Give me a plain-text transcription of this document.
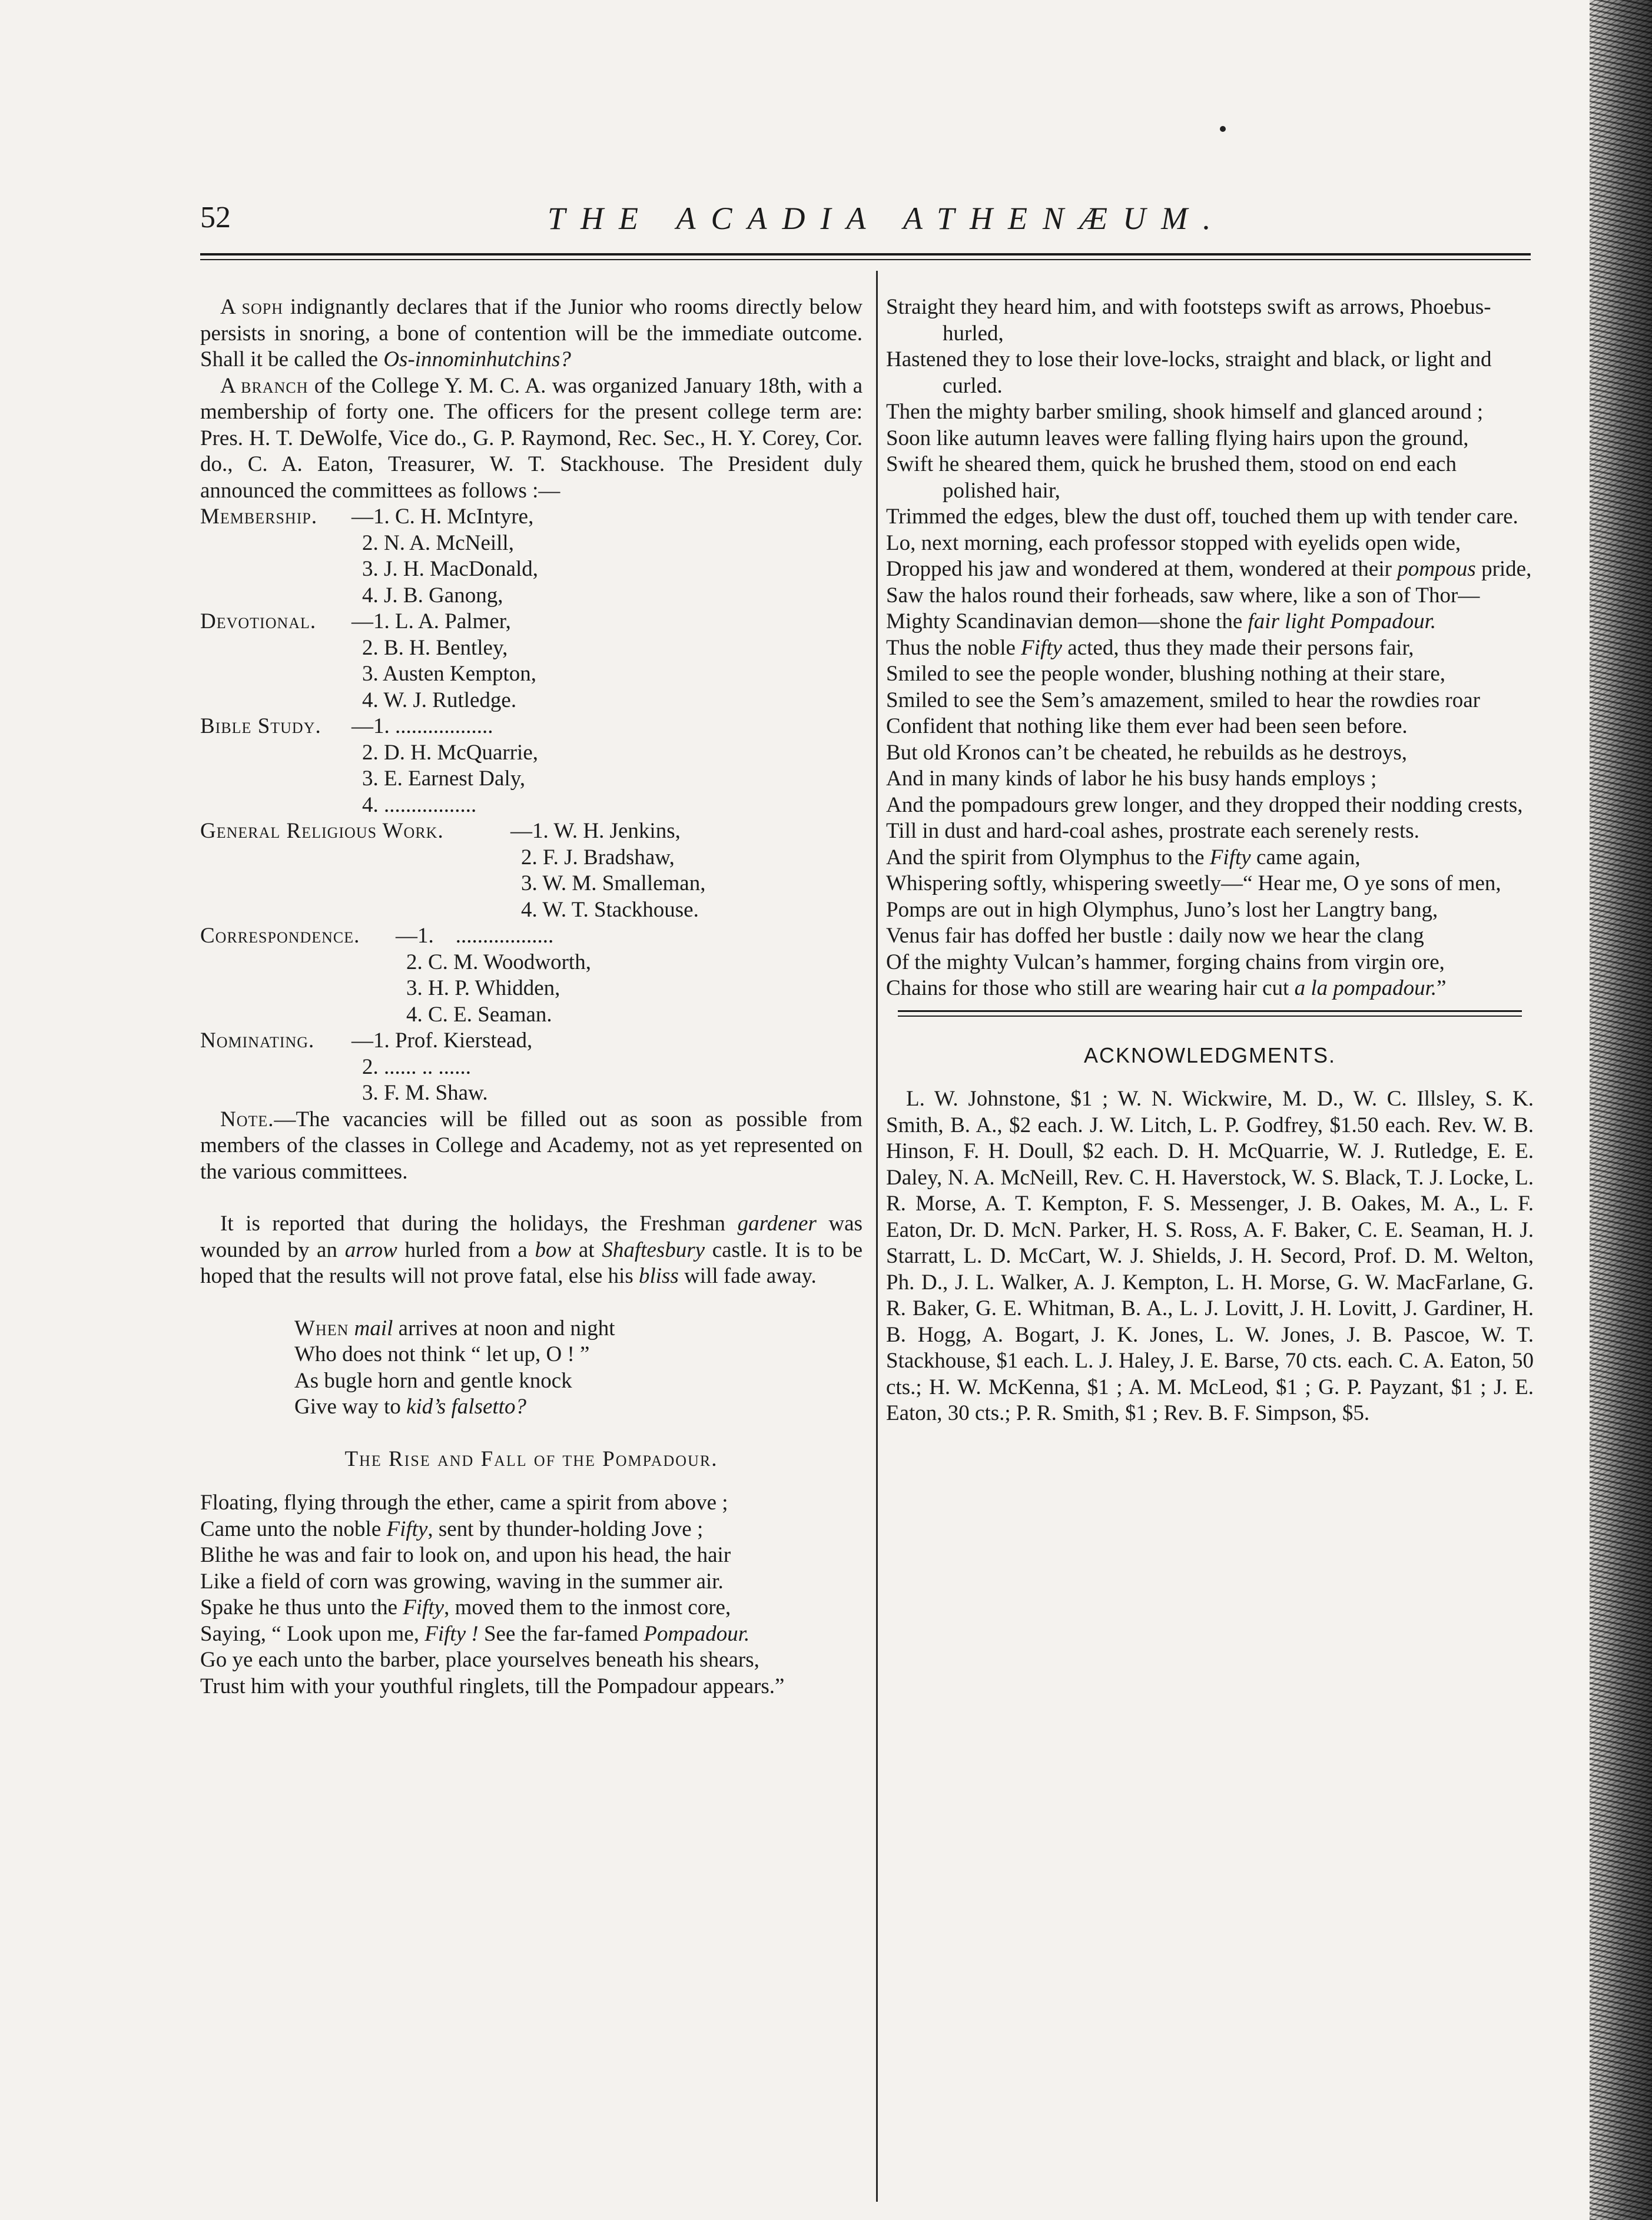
52	THE ACADIA ATHENÆUM.

A soph indignantly declares that if the Junior who rooms directly below persists in snoring, a bone of contention will be the immediate outcome. Shall it be called the Os-innominhutchins?

A branch of the College Y. M. C. A. was organized January 18th, with a membership of forty one. The officers for the present college term are: Pres. H. T. DeWolfe, Vice do., G. P. Raymond, Rec. Sec., H. Y. Corey, Cor. do., C. A. Eaton, Treasurer, W. T. Stackhouse. The President duly announced the committees as follows :—

Membership. —1. C. H. McIntyre,
2. N. A. McNeill,
3. J. H. MacDonald,
4. J. B. Ganong,
Devotional. —1. L. A. Palmer,
2. B. H. Bentley,
3. Austen Kempton,
4. W. J. Rutledge.
Bible Study. —1. ..................
2. D. H. McQuarrie,
3. E. Earnest Daly,
4. .................
General Religious Work.	—1. W. H. Jenkins,
2. F. J. Bradshaw,
3. W. M. Smalleman,
4. W. T. Stackhouse.
Correspondence. —1.    ..................
2. C. M. Woodworth,
3. H. P. Whidden,
4. C. E. Seaman.
Nominating. —1. Prof. Kierstead,
2. ...... .. ......
3. F. M. Shaw.

Note.—The vacancies will be filled out as soon as possible from members of the classes in College and Academy, not as yet represented on the various committees.

It is reported that during the holidays, the Freshman gardener was wounded by an arrow hurled from a bow at Shaftesbury castle. It is to be hoped that the results will not prove fatal, else his bliss will fade away.

When mail arrives at noon and night
Who does not think “ let up, O ! ”
As bugle horn and gentle knock
Give way to kid’s falsetto?

The Rise and Fall of the Pompadour.

Floating, flying through the ether, came a spirit from above ;
Came unto the noble Fifty, sent by thunder-holding Jove ;
Blithe he was and fair to look on, and upon his head, the hair
Like a field of corn was growing, waving in the summer air.
Spake he thus unto the Fifty, moved them to the inmost core,
Saying, “ Look upon me, Fifty ! See the far-famed Pompadour.
Go ye each unto the barber, place yourselves beneath his shears,
Trust him with your youthful ringlets, till the Pompadour appears.”
Straight they heard him, and with footsteps swift as arrows, Phoebus-hurled,
Hastened they to lose their love-locks, straight and black, or light and curled.
Then the mighty barber smiling, shook himself and glanced around ;
Soon like autumn leaves were falling flying hairs upon the ground,
Swift he sheared them, quick he brushed them, stood on end each polished hair,
Trimmed the edges, blew the dust off, touched them up with tender care.
Lo, next morning, each professor stopped with eyelids open wide,
Dropped his jaw and wondered at them, wondered at their pompous pride,
Saw the halos round their forheads, saw where, like a son of Thor—
Mighty Scandinavian demon—shone the fair light Pompadour.
Thus the noble Fifty acted, thus they made their persons fair,
Smiled to see the people wonder, blushing nothing at their stare,
Smiled to see the Sem’s amazement, smiled to hear the rowdies roar
Confident that nothing like them ever had been seen before.
But old Kronos can’t be cheated, he rebuilds as he destroys,
And in many kinds of labor he his busy hands employs ;
And the pompadours grew longer, and they dropped their nodding crests,
Till in dust and hard-coal ashes, prostrate each serenely rests.
And the spirit from Olymphus to the Fifty came again,
Whispering softly, whispering sweetly—“ Hear me, O ye sons of men,
Pomps are out in high Olymphus, Juno’s lost her Langtry bang,
Venus fair has doffed her bustle : daily now we hear the clang
Of the mighty Vulcan’s hammer, forging chains from virgin ore,
Chains for those who still are wearing hair cut a la pompadour.”

ACKNOWLEDGMENTS.

L. W. Johnstone, $1 ; W. N. Wickwire, M. D., W. C. Illsley, S. K. Smith, B. A., $2 each. J. W. Litch, L. P. Godfrey, $1.50 each. Rev. W. B. Hinson, F. H. Doull, $2 each. D. H. McQuarrie, W. J. Rutledge, E. E. Daley, N. A. McNeill, Rev. C. H. Haverstock, W. S. Black, T. J. Locke, L. R. Morse, A. T. Kempton, F. S. Messenger, J. B. Oakes, M. A., L. F. Eaton, Dr. D. McN. Parker, H. S. Ross, A. F. Baker, C. E. Seaman, H. J. Starratt, L. D. McCart, W. J. Shields, J. H. Secord, Prof. D. M. Welton, Ph. D., J. L. Walker, A. J. Kempton, L. H. Morse, G. W. MacFarlane, G. R. Baker, G. E. Whitman, B. A., L. J. Lovitt, J. H. Lovitt, J. Gardiner, H. B. Hogg, A. Bogart, J. K. Jones, L. W. Jones, J. B. Pascoe, W. T. Stackhouse, $1 each. L. J. Haley, J. E. Barse, 70 cts. each. C. A. Eaton, 50 cts.; H. W. McKenna, $1 ; A. M. McLeod, $1 ; G. P. Payzant, $1 ; J. E. Eaton, 30 cts.; P. R. Smith, $1 ; Rev. B. F. Simpson, $5.
